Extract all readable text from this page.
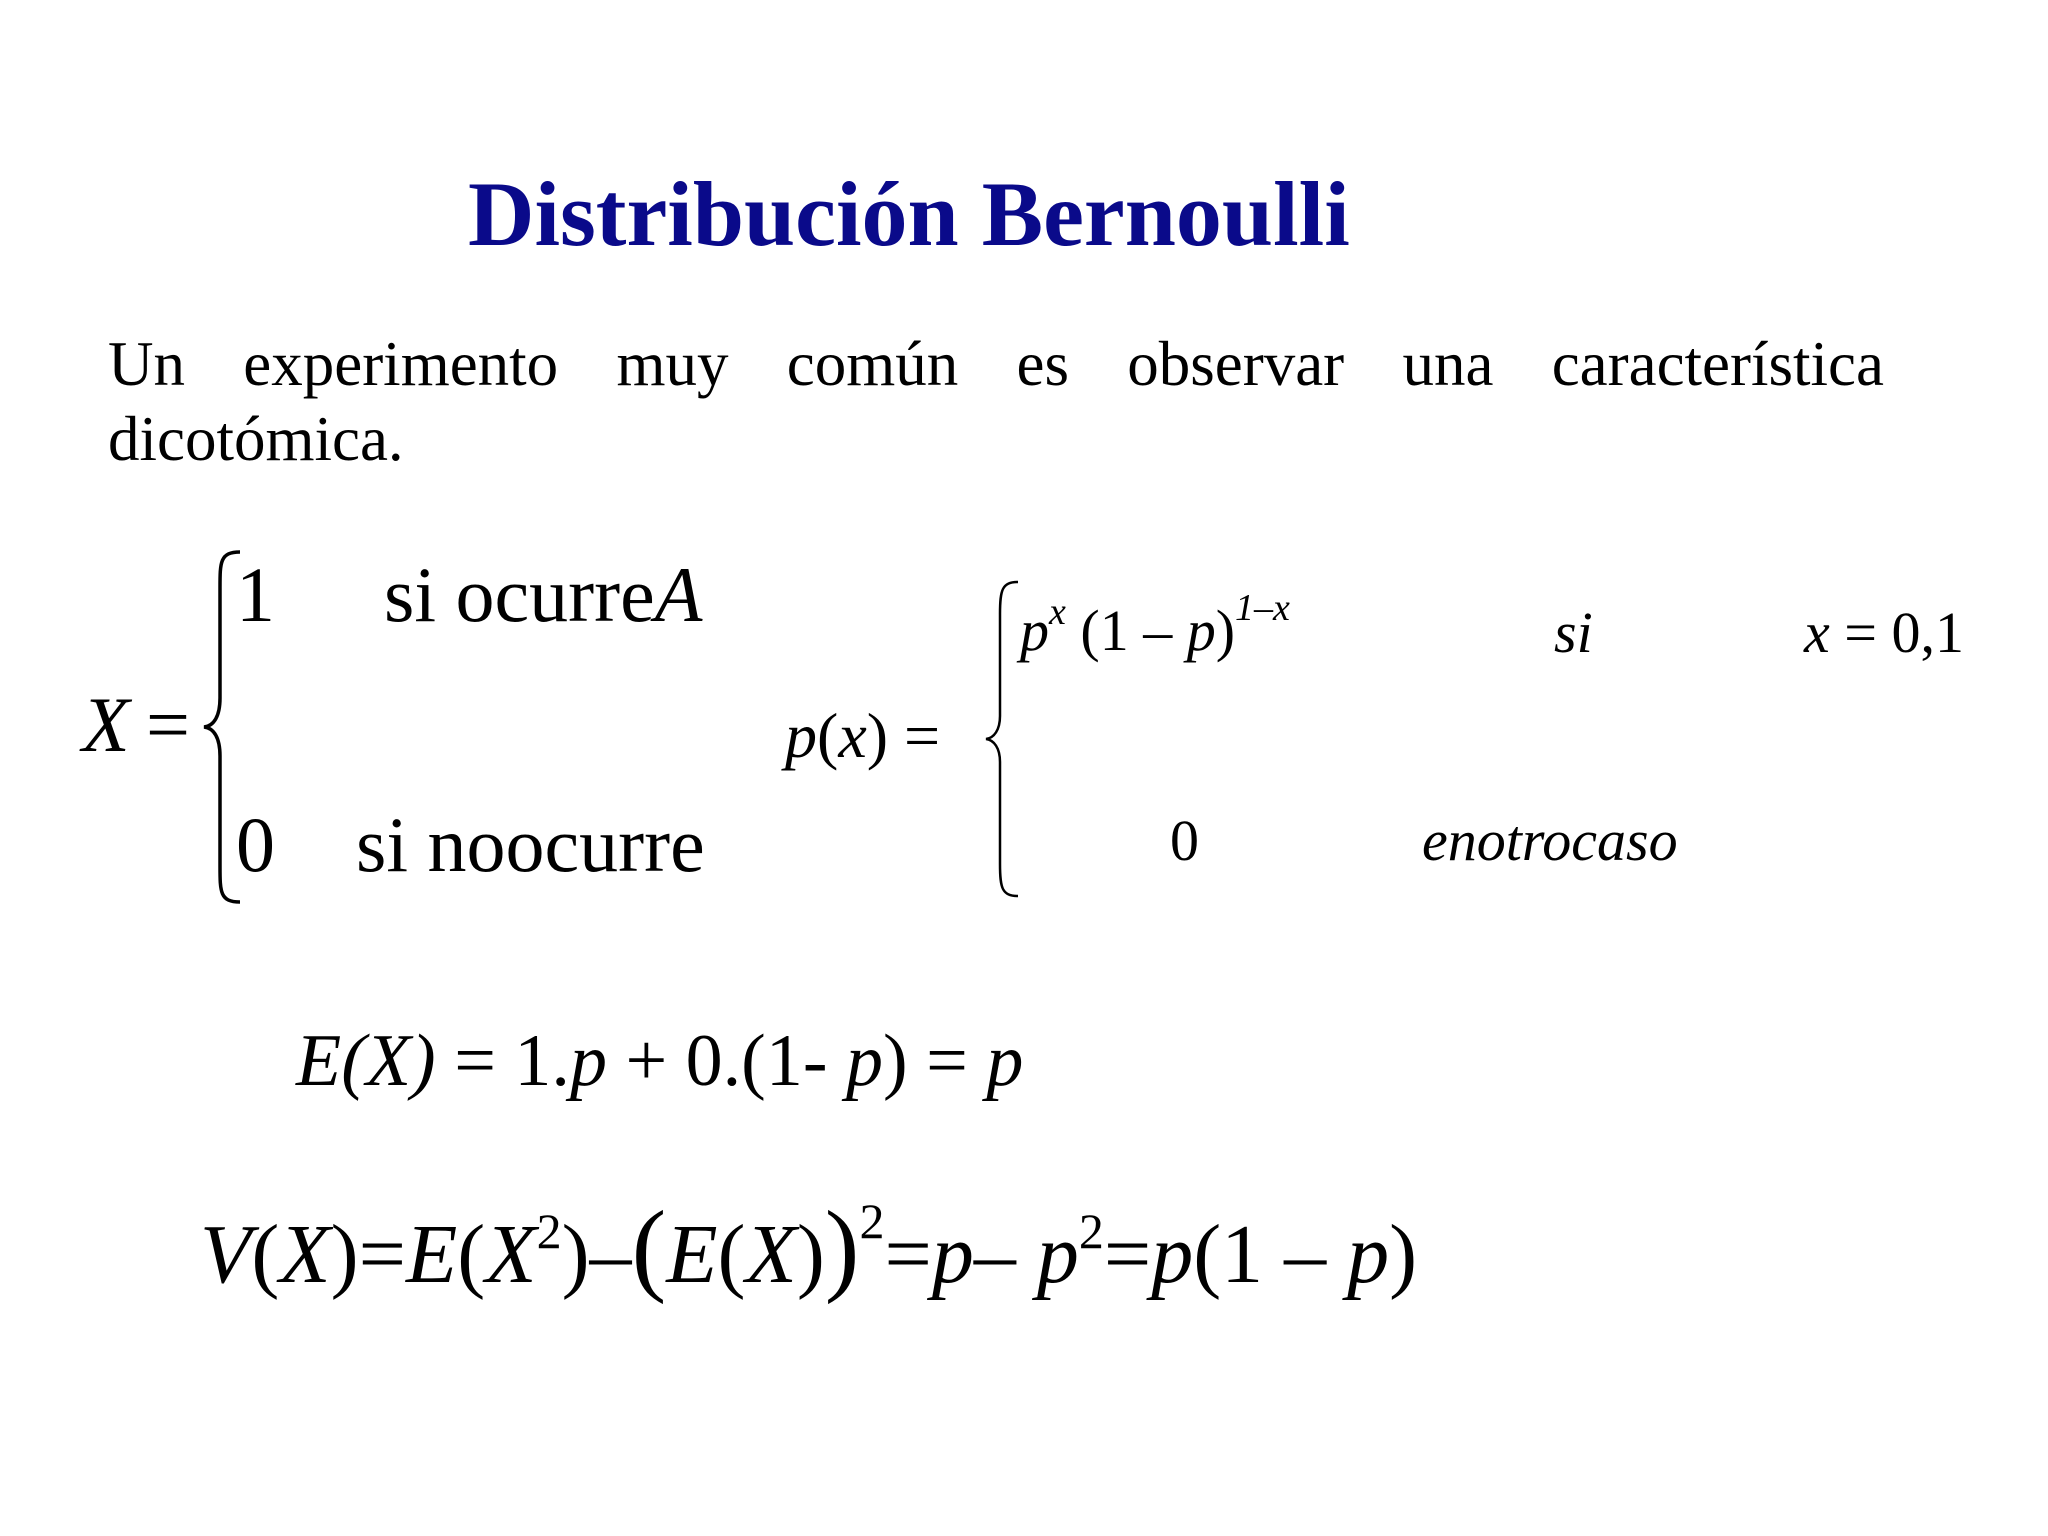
Distribución Bernoulli
Un experimento muy común es observar una característica
dicotómica.
X =
1 si ocurreA
0 si noocurre
p(x) =
$p^x$ (1 – p)$^{1-x}$	si	x = 0,1
0	enotrocaso
E(X) = 1.p + 0.(1- p) = p
$V(X)=E(X^2)-(E(X))^2=p-$ $p^2=p(1 - p)$
